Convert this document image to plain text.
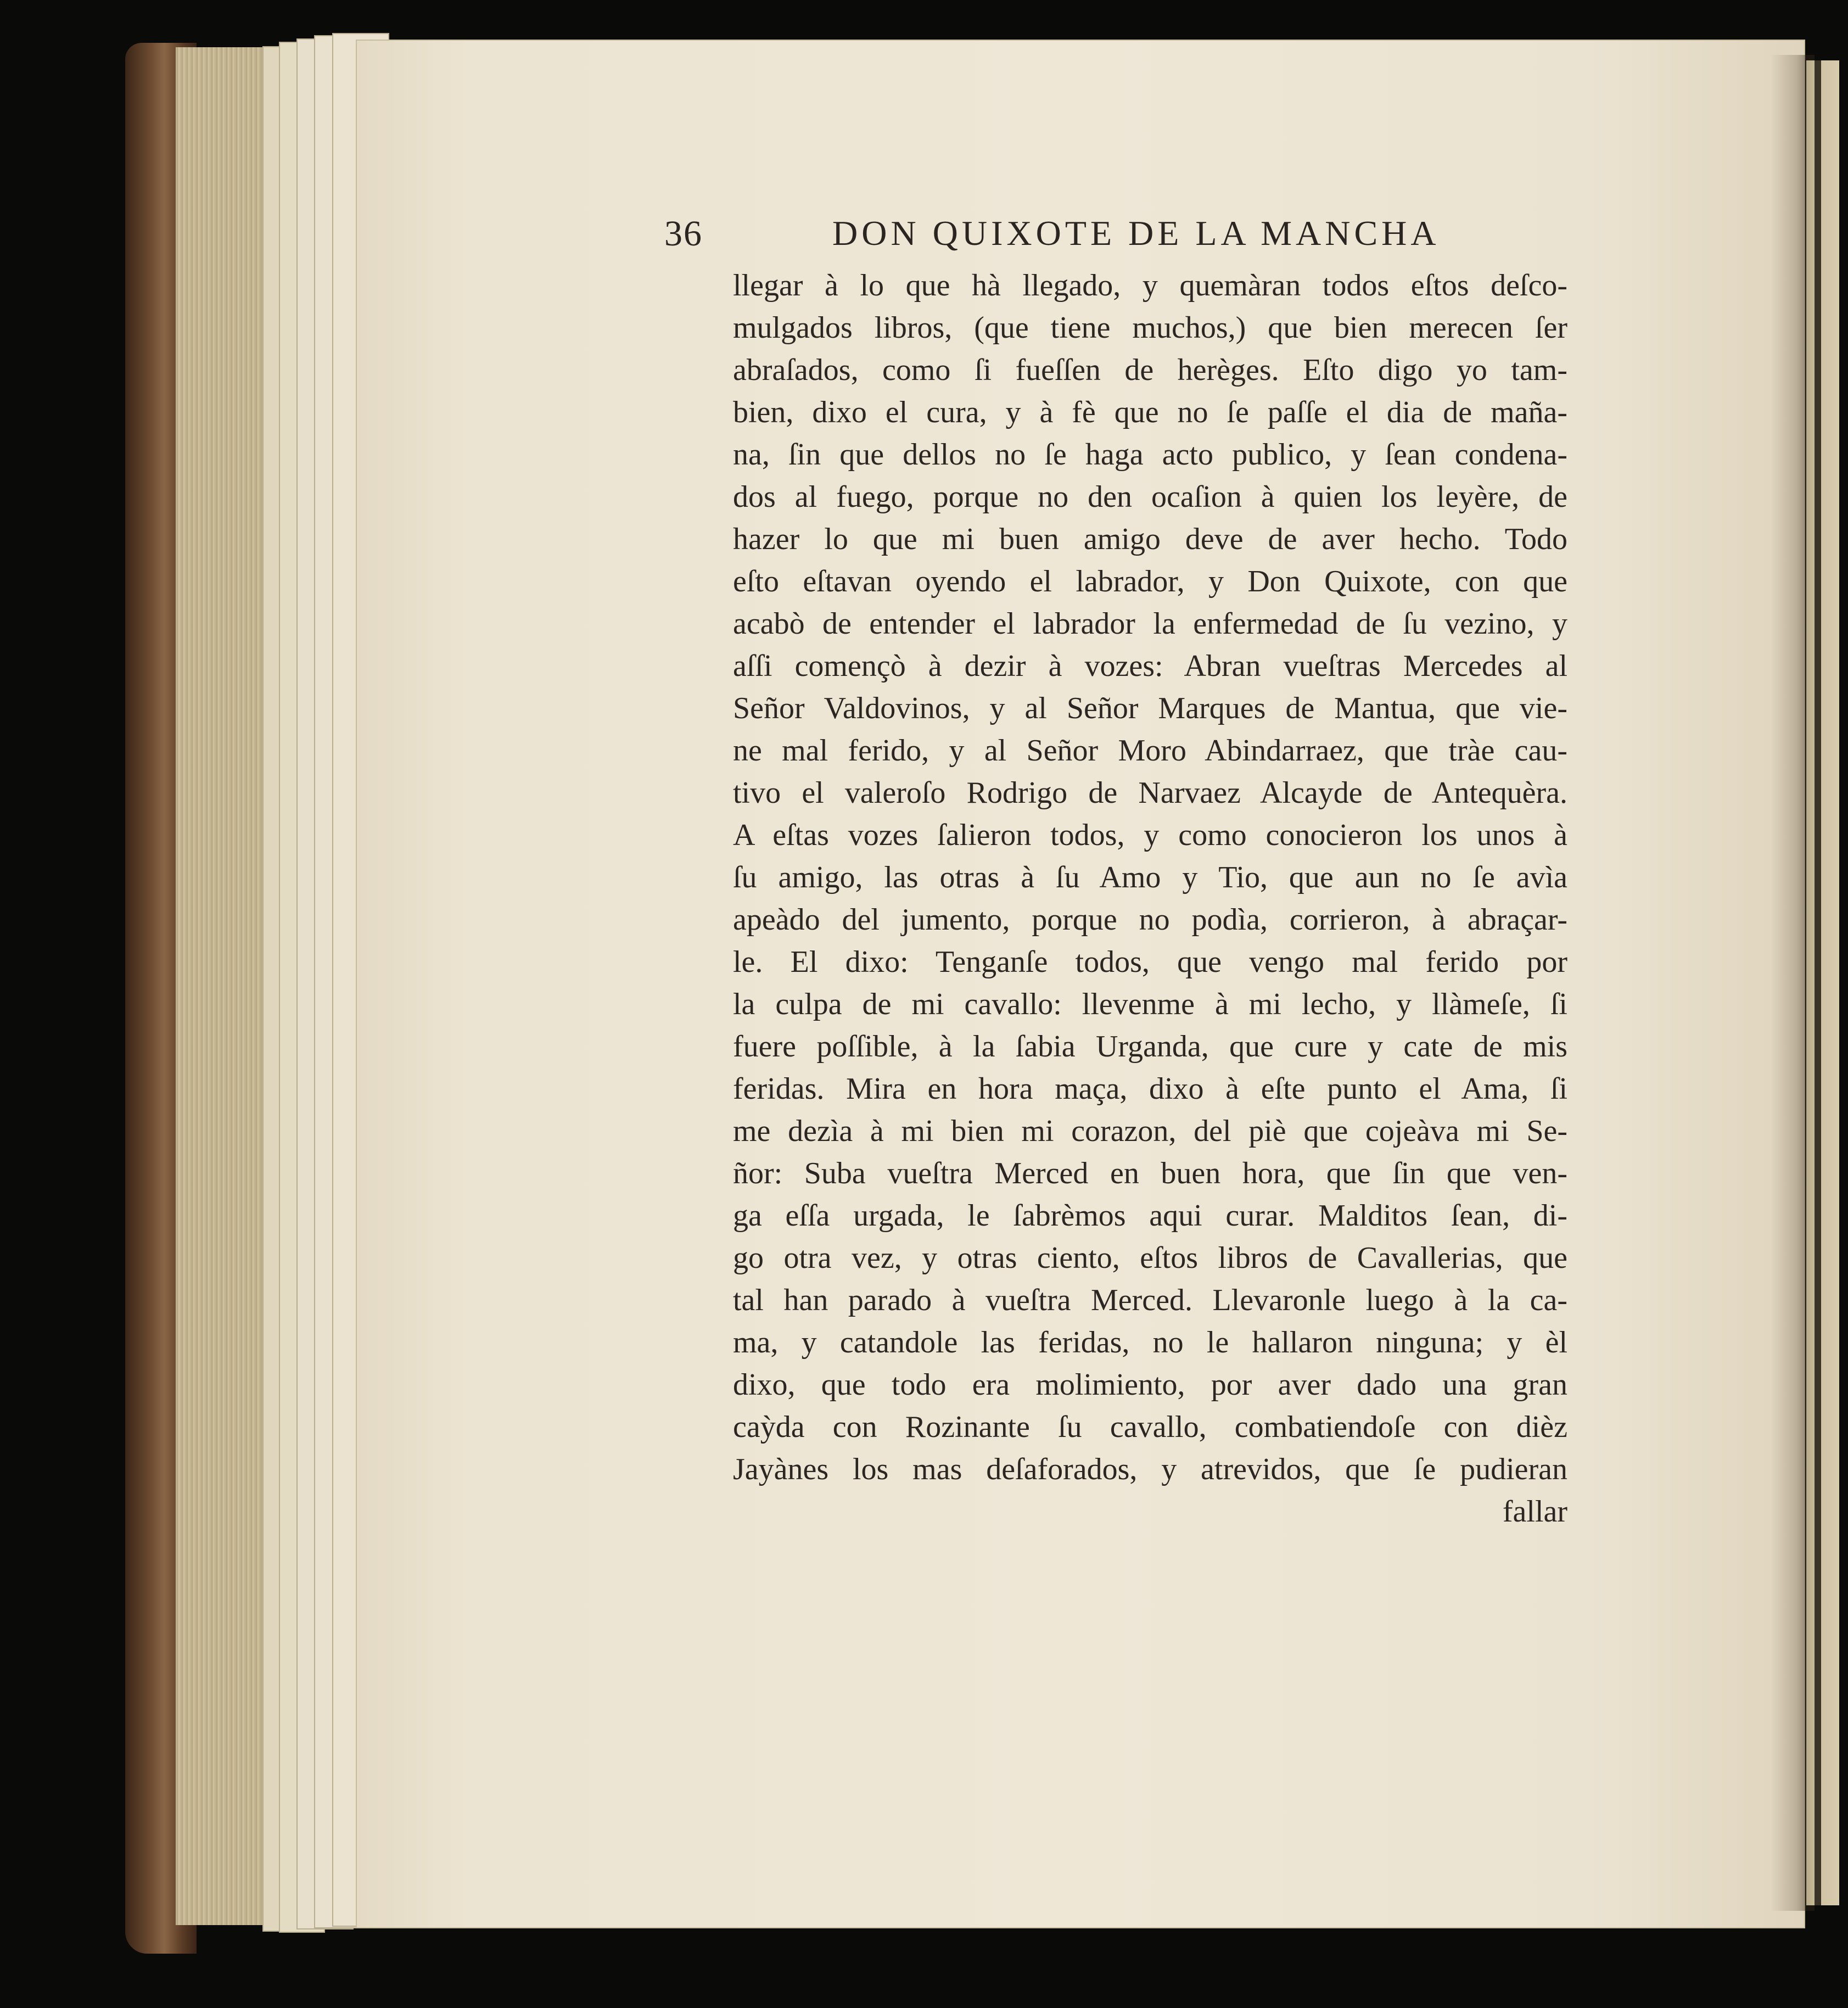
36	DON QUIXOTE DE LA MANCHA
llegar à lo que hà llegado, y quemàran todos eſtos deſco-
mulgados libros, (que tiene muchos,) que bien merecen ſer
abraſados, como ſi fueſſen de herèges. Eſto digo yo tam-
bien, dixo el cura, y à fè que no ſe paſſe el dia de maña-
na, ſin que dellos no ſe haga acto publico, y ſean condena-
dos al fuego, porque no den ocaſion à quien los leyère, de
hazer lo que mi buen amigo deve de aver hecho. Todo
eſto eſtavan oyendo el labrador, y Don Quixote, con que
acabò de entender el labrador la enfermedad de ſu vezino, y
aſſi començò à dezir à vozes: Abran vueſtras Mercedes al
Señor Valdovinos, y al Señor Marques de Mantua, que vie-
ne mal ferido, y al Señor Moro Abindarraez, que tràe cau-
tivo el valeroſo Rodrigo de Narvaez Alcayde de Antequèra.
A eſtas vozes ſalieron todos, y como conocieron los unos à
ſu amigo, las otras à ſu Amo y Tio, que aun no ſe avìa
apeàdo del jumento, porque no podìa, corrieron, à abraçar-
le. El dixo: Tenganſe todos, que vengo mal ferido por
la culpa de mi cavallo: llevenme à mi lecho, y llàmeſe, ſi
fuere poſſible, à la ſabia Urganda, que cure y cate de mis
feridas. Mira en hora maça, dixo à eſte punto el Ama, ſi
me dezìa à mi bien mi corazon, del piè que cojeàva mi Se-
ñor: Suba vueſtra Merced en buen hora, que ſin que ven-
ga eſſa urgada, le ſabrèmos aqui curar. Malditos ſean, di-
go otra vez, y otras ciento, eſtos libros de Cavallerias, que
tal han parado à vueſtra Merced. Llevaronle luego à la ca-
ma, y catandole las feridas, no le hallaron ninguna; y èl
dixo, que todo era molimiento, por aver dado una gran
caỳda con Rozinante ſu cavallo, combatiendoſe con dièz
Jayànes los mas deſaforados, y atrevidos, que ſe pudieran
fallar
